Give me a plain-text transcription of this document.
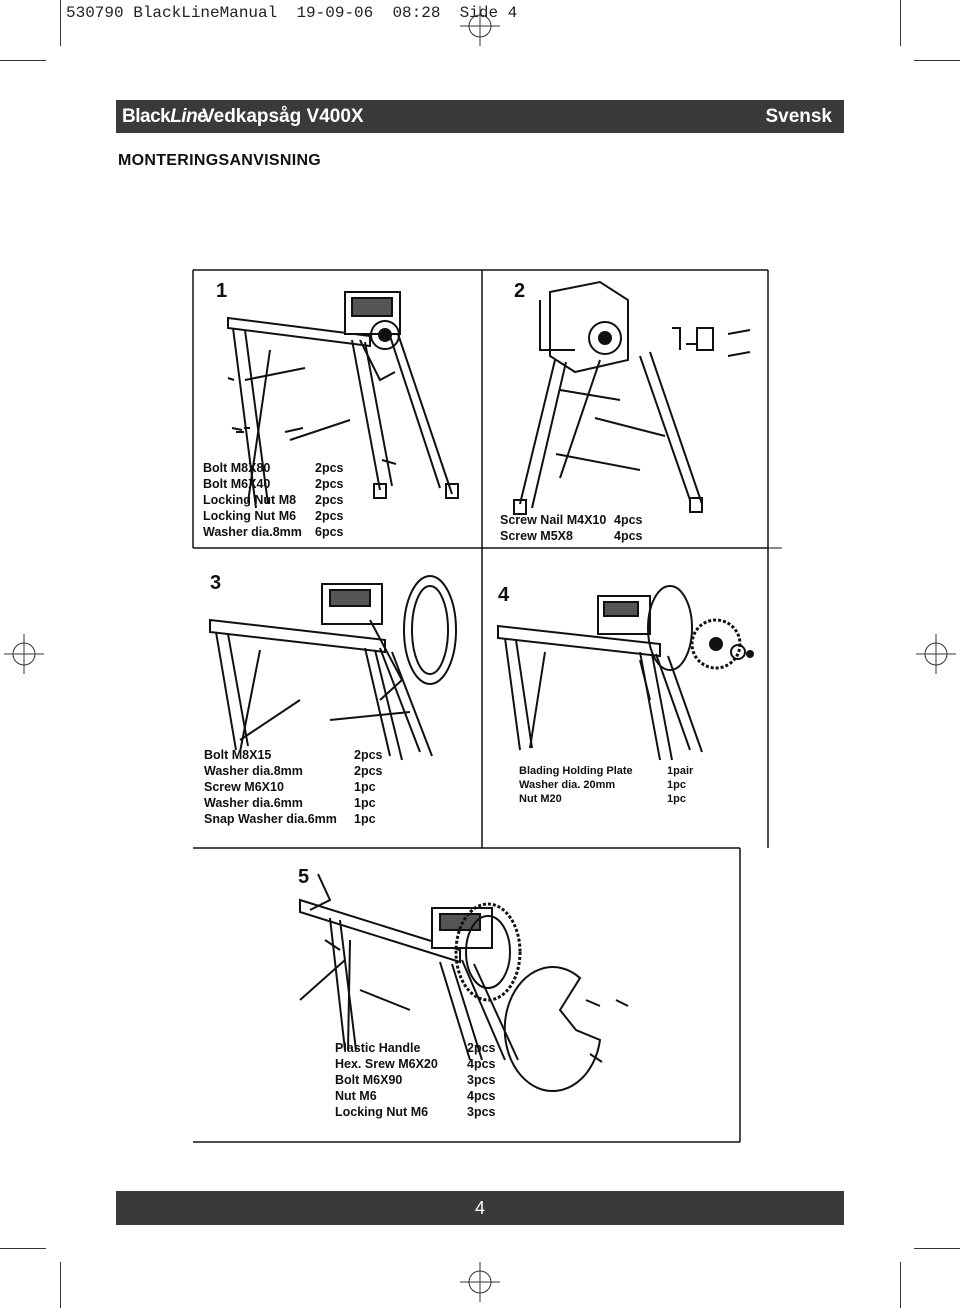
530790 BlackLineManual  19-09-06  08:28  Side 4
BlackLine
Vedkapsåg V400X	Svensk
MONTERINGSANVISNING
1	2
3
4
5
Bolt M8X80	2pcs
Bolt M6X40	2pcs
Locking Nut M8	2pcs
Locking Nut M6	2pcs
Washer dia.8mm	6pcs
Screw Nail M4X10 4pcs
Screw M5X8	4pcs
Bolt M8X15	2pcs
Washer dia.8mm	2pcs
Screw M6X10	1pc
Washer dia.6mm	1pc
Snap Washer dia.6mm	1pc
Blading Holding Plate	1pair
Washer dia. 20mm	1pc
Nut M20	1pc
Plastic Handle	2pcs
Hex. Srew M6X20	4pcs
Bolt M6X90	3pcs
Nut M6	4pcs
Locking Nut M6	3pcs
4
